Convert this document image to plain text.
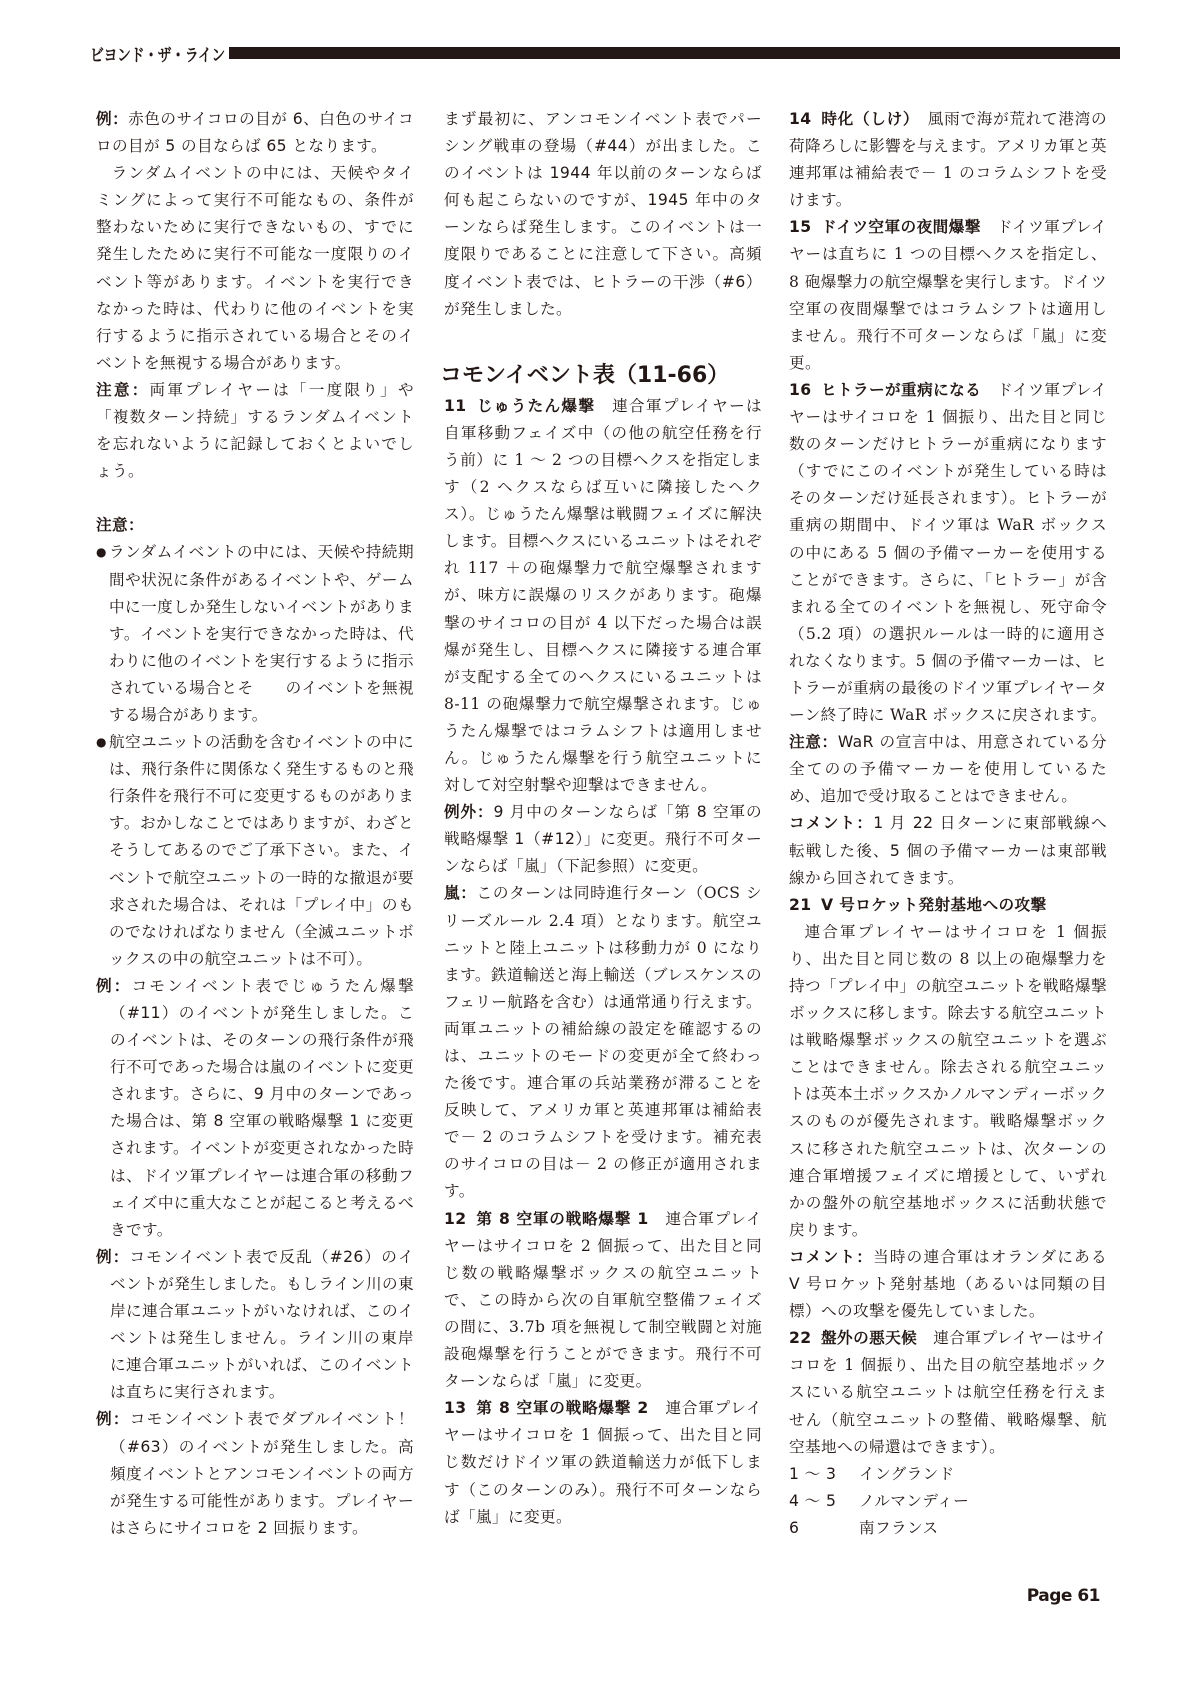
ビヨンド・ザ・ライン

例：赤色のサイコロの目が 6、白色のサイコロの目が 5 の目ならば 65 となります。

ランダムイベントの中には、天候やタイミングによって実行不可能なもの、条件が整わないために実行できないもの、すでに発生したために実行不可能な一度限りのイベント等があります。イベントを実行できなかった時は、代わりに他のイベントを実行するように指示されている場合とそのイベントを無視する場合があります。

注意：両軍プレイヤーは「一度限り」や「複数ターン持続」するランダムイベントを忘れないように記録しておくとよいでしょう。

注意：

● ランダムイベントの中には、天候や持続期間や状況に条件があるイベントや、ゲーム中に一度しか発生しないイベントがあります。イベントを実行できなかった時は、代わりに他のイベントを実行するように指示されている場合とそ　　のイベントを無視する場合があります。
● 航空ユニットの活動を含むイベントの中には、飛行条件に関係なく発生するものと飛行条件を飛行不可に変更するものがあります。おかしなことではありますが、わざとそうしてあるのでご了承下さい。また、イベントで航空ユニットの一時的な撤退が要求された場合は、それは「プレイ中」のものでなければなりません（全滅ユニットボックスの中の航空ユニットは不可）。

例：コモンイベント表でじゅうたん爆撃（#11）のイベントが発生しました。このイベントは、そのターンの飛行条件が飛行不可であった場合は嵐のイベントに変更されます。さらに、9 月中のターンであった場合は、第 8 空軍の戦略爆撃 1 に変更されます。イベントが変更されなかった時は、ドイツ軍プレイヤーは連合軍の移動フェイズ中に重大なことが起こると考えるべきです。

例：コモンイベント表で反乱（#26）のイベントが発生しました。もしライン川の東岸に連合軍ユニットがいなければ、このイベントは発生しません。ライン川の東岸に連合軍ユニットがいれば、このイベントは直ちに実行されます。

例：コモンイベント表でダブルイベント！（#63）のイベントが発生しました。高頻度イベントとアンコモンイベントの両方が発生する可能性があります。プレイヤーはさらにサイコロを 2 回振ります。

まず最初に、アンコモンイベント表でパーシング戦車の登場（#44）が出ました。このイベントは 1944 年以前のターンならば何も起こらないのですが、1945 年中のターンならば発生します。このイベントは一度限りであることに注意して下さい。高頻度イベント表では、ヒトラーの干渉（#6）が発生しました。

コモンイベント表（11-66）

11 じゅうたん爆撃　 連合軍プレイヤーは自軍移動フェイズ中（の他の航空任務を行う前）に 1 ～ 2 つの目標ヘクスを指定します（2 ヘクスならば互いに隣接したヘクス）。じゅうたん爆撃は戦闘フェイズに解決します。目標ヘクスにいるユニットはそれぞれ 117 ＋の砲爆撃力で航空爆撃されますが、味方に誤爆のリスクがあります。砲爆撃のサイコロの目が 4 以下だった場合は誤爆が発生し、目標ヘクスに隣接する連合軍が支配する全てのヘクスにいるユニットは 8-11 の砲爆撃力で航空爆撃されます。じゅうたん爆撃ではコラムシフトは適用しません。じゅうたん爆撃を行う航空ユニットに対して対空射撃や迎撃はできません。

例外：9 月中のターンならば「第 8 空軍の戦略爆撃 1（#12）」に変更。飛行不可ターンならば「嵐」（下記参照）に変更。

嵐：このターンは同時進行ターン（OCS シリーズルール 2.4 項）となります。航空ユニットと陸上ユニットは移動力が 0 になります。鉄道輸送と海上輸送（ブレスケンスのフェリー航路を含む）は通常通り行えます。両軍ユニットの補給線の設定を確認するのは、ユニットのモードの変更が全て終わった後です。連合軍の兵站業務が滞ることを反映して、アメリカ軍と英連邦軍は補給表で－ 2 のコラムシフトを受けます。補充表のサイコロの目は－ 2 の修正が適用されます。

12 第 8 空軍の戦略爆撃 1　 連合軍プレイヤーはサイコロを 2 個振って、出た目と同じ数の戦略爆撃ボックスの航空ユニットで、この時から次の自軍航空整備フェイズの間に、3.7b 項を無視して制空戦闘と対施設砲爆撃を行うことができます。飛行不可ターンならば「嵐」に変更。

13 第 8 空軍の戦略爆撃 2　 連合軍プレイヤーはサイコロを 1 個振って、出た目と同じ数だけドイツ軍の鉄道輸送力が低下します（このターンのみ）。飛行不可ターンならば「嵐」に変更。

14 時化（しけ）　 風雨で海が荒れて港湾の荷降ろしに影響を与えます。アメリカ軍と英連邦軍は補給表で－ 1 のコラムシフトを受けます。

15 ドイツ空軍の夜間爆撃　 ドイツ軍プレイヤーは直ちに 1 つの目標ヘクスを指定し、8 砲爆撃力の航空爆撃を実行します。ドイツ空軍の夜間爆撃ではコラムシフトは適用しません。飛行不可ターンならば「嵐」に変更。

16 ヒトラーが重病になる　 ドイツ軍プレイヤーはサイコロを 1 個振り、出た目と同じ数のターンだけヒトラーが重病になります（すでにこのイベントが発生している時はそのターンだけ延長されます）。ヒトラーが重病の期間中、ドイツ軍は WaR ボックスの中にある 5 個の予備マーカーを使用することができます。さらに、「ヒトラー」が含まれる全てのイベントを無視し、死守命令（5.2 項）の選択ルールは一時的に適用されなくなります。5 個の予備マーカーは、ヒトラーが重病の最後のドイツ軍プレイヤーターン終了時に WaR ボックスに戻されます。

注意：WaR の宣言中は、用意されている分全てのの予備マーカーを使用しているため、追加で受け取ることはできません。

コメント：1 月 22 日ターンに東部戦線へ転戦した後、5 個の予備マーカーは東部戦線から回されてきます。

21 V 号ロケット発射基地への攻撃

連合軍プレイヤーはサイコロを 1 個振り、出た目と同じ数の 8 以上の砲爆撃力を持つ「プレイ中」の航空ユニットを戦略爆撃ボックスに移します。除去する航空ユニットは戦略爆撃ボックスの航空ユニットを選ぶことはできません。除去される航空ユニットは英本土ボックスかノルマンディーボックスのものが優先されます。戦略爆撃ボックスに移された航空ユニットは、次ターンの連合軍増援フェイズに増援として、いずれかの盤外の航空基地ボックスに活動状態で戻ります。

コメント：当時の連合軍はオランダにある V 号ロケット発射基地（あるいは同類の目標）への攻撃を優先していました。

22 盤外の悪天候　 連合軍プレイヤーはサイコロを 1 個振り、出た目の航空基地ボックスにいる航空ユニットは航空任務を行えません（航空ユニットの整備、戦略爆撃、航空基地への帰還はできます）。

1 ～ 3	イングランド
4 ～ 5	ノルマンディー
6	南フランス
Page 61
